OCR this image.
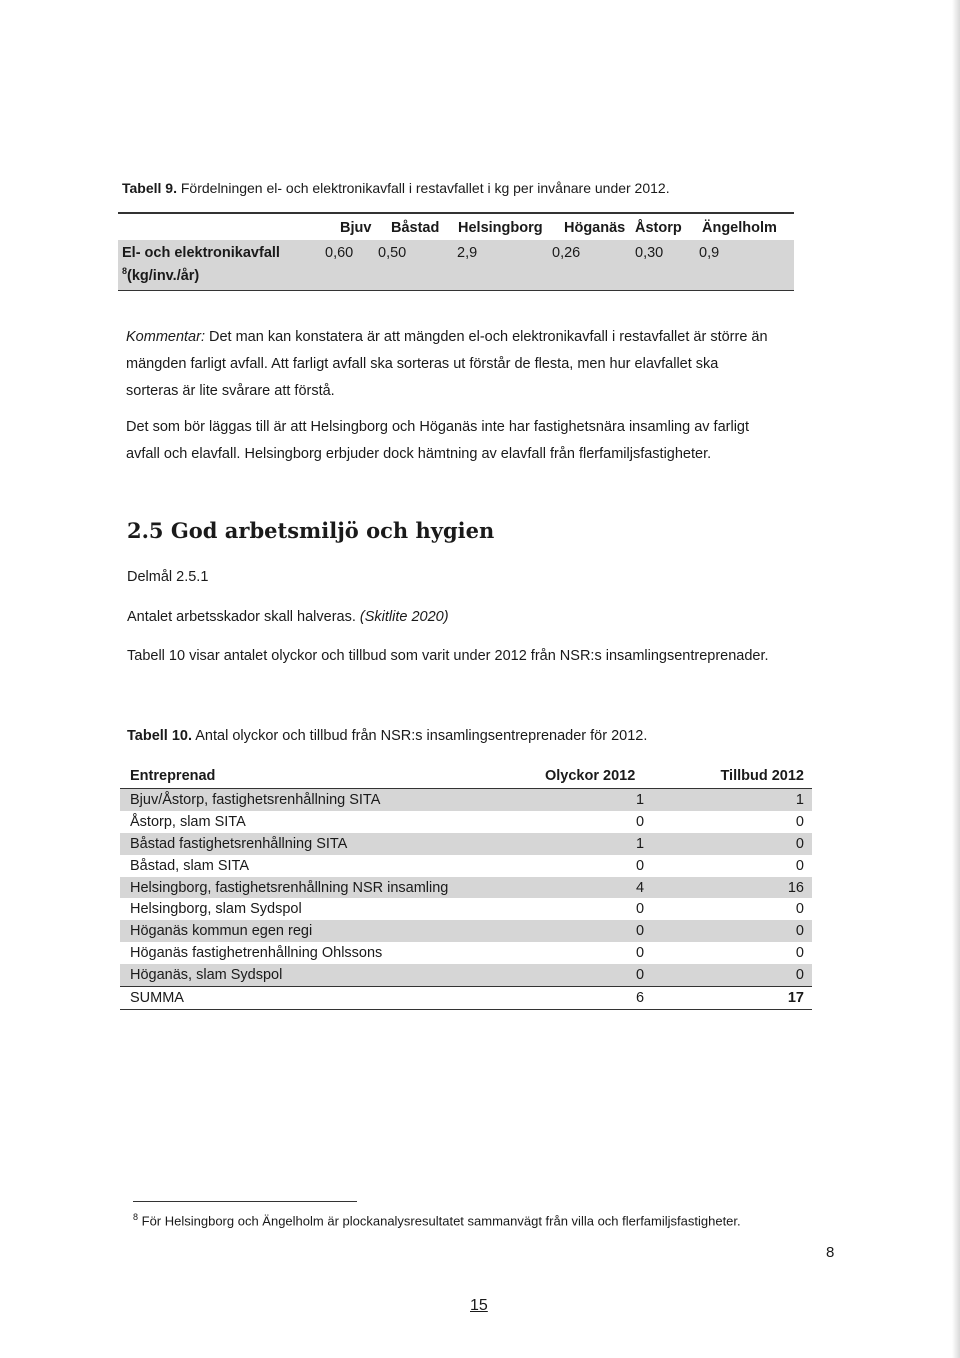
Tabell 9. Fördelningen el- och elektronikavfall i restavfallet i kg per invånare under 2012.
Bjuv Båstad Helsingborg Höganäs Åstorp Ängelholm
El- och elektronikavfall
$^8$(kg/inv./år)
0,60 0,50	2,9	0,26	0,30 0,9
Kommentar: Det man kan konstatera är att mängden el-och elektronikavfall i restavfallet är större än
mängden farligt avfall. Att farligt avfall ska sorteras ut förstår de flesta, men hur elavfallet ska
sorteras är lite svårare att förstå.
Det som bör läggas till är att Helsingborg och Höganäs inte har fastighetsnära insamling av farligt
avfall och elavfall. Helsingborg erbjuder dock hämtning av elavfall från flerfamiljsfastigheter.
2.5 God arbetsmiljö och hygien
Delmål 2.5.1
Antalet arbetsskador skall halveras. (Skitlite 2020)
Tabell 10 visar antalet olyckor och tillbud som varit under 2012 från NSR:s insamlingsentreprenader.
Tabell 10. Antal olyckor och tillbud från NSR:s insamlingsentreprenader för 2012.
Entreprenad	Olyckor 2012	Tillbud 2012
Bjuv/Åstorp, fastighetsrenhållning SITA	1	1
Åstorp, slam SITA	0	0
Båstad fastighetsrenhållning SITA	1	0
Båstad, slam SITA	0	0
Helsingborg, fastighetsrenhållning NSR insamling	4	16
Helsingborg, slam Sydspol	0	0
Höganäs kommun egen regi	0	0
Höganäs fastighetrenhållning Ohlssons	0	0
Höganäs, slam Sydspol	0	0
SUMMA	6	17
$^8$ För Helsingborg och Ängelholm är plockanalysresultatet sammanvägt från villa och flerfamiljsfastigheter.
8
15
